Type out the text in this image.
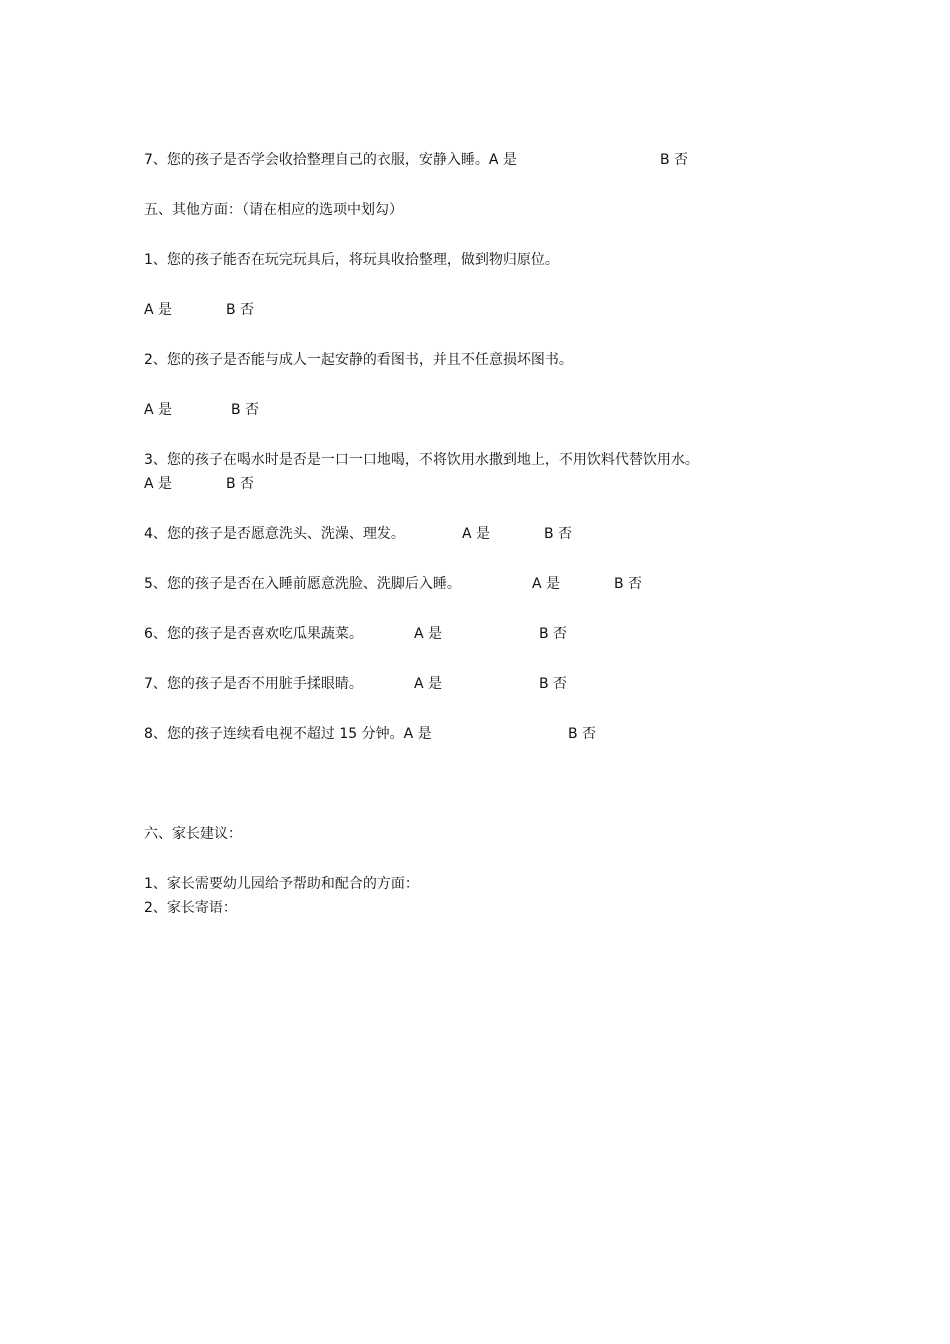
7、您的孩子是否学会收拾整理自己的衣服，安静入睡。A 是	B 否
五、其他方面：（请在相应的选项中划勾）
1、您的孩子能否在玩完玩具后，将玩具收拾整理，做到物归原位。
A 是	B 否
2、您的孩子是否能与成人一起安静的看图书，并且不任意损坏图书。
A 是	B 否
3、您的孩子在喝水时是否是一口一口地喝，不将饮用水撒到地上，不用饮料代替饮用水。
A 是	B 否
4、您的孩子是否愿意洗头、洗澡、理发。	A 是	B 否
5、您的孩子是否在入睡前愿意洗脸、洗脚后入睡。	A 是	B 否
6、您的孩子是否喜欢吃瓜果蔬菜。	A 是	B 否
7、您的孩子是否不用脏手揉眼睛。	A 是	B 否
8、您的孩子连续看电视不超过 15 分钟。A 是	B 否
六、家长建议：
1、家长需要幼儿园给予帮助和配合的方面：
2、家长寄语：
